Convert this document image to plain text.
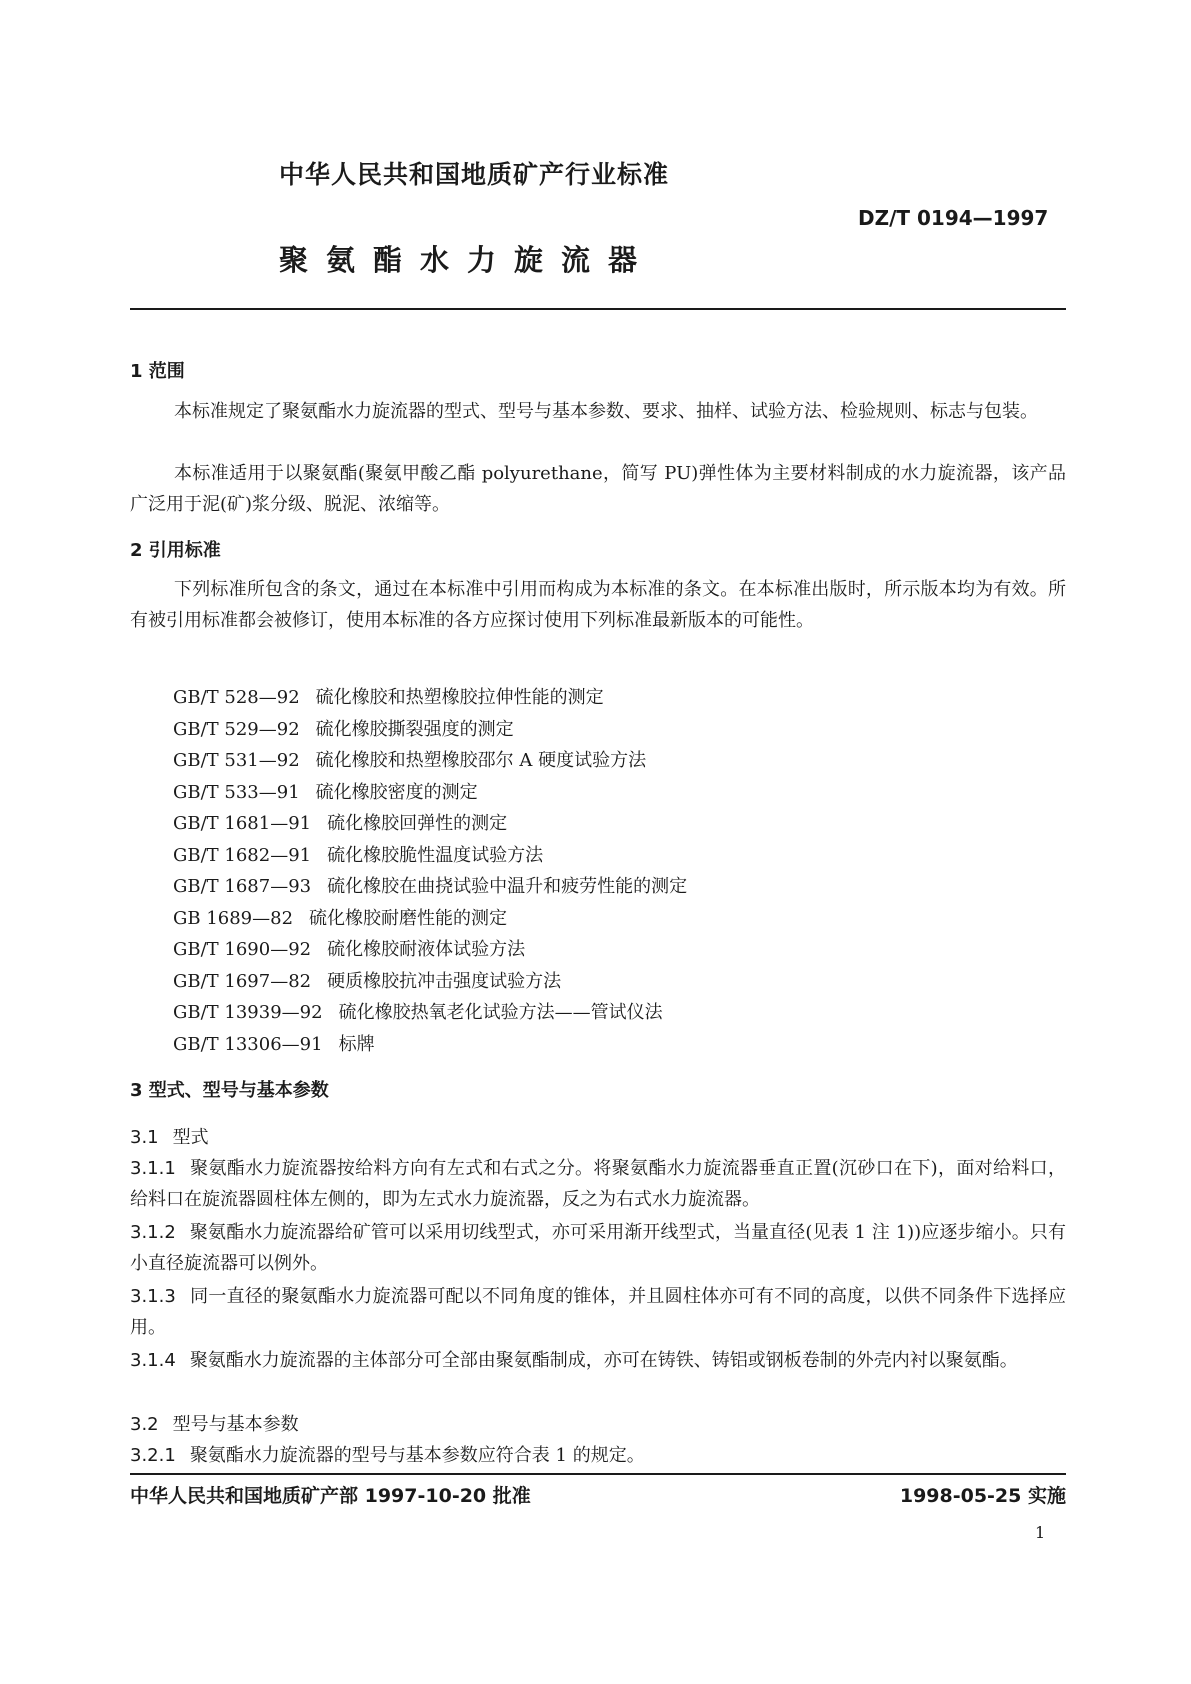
中华人民共和国地质矿产行业标准
DZ/T 0194—1997
聚氨酯水力旋流器
1 范围
本标准规定了聚氨酯水力旋流器的型式、型号与基本参数、要求、抽样、试验方法、检验规则、标志与包装。
本标准适用于以聚氨酯(聚氨甲酸乙酯 polyurethane，简写 PU)弹性体为主要材料制成的水力旋流器，该产品广泛用于泥(矿)浆分级、脱泥、浓缩等。
2 引用标准
下列标准所包含的条文，通过在本标准中引用而构成为本标准的条文。在本标准出版时，所示版本均为有效。所有被引用标准都会被修订，使用本标准的各方应探讨使用下列标准最新版本的可能性。
GB/T 528—92 硫化橡胶和热塑橡胶拉伸性能的测定
GB/T 529—92 硫化橡胶撕裂强度的测定
GB/T 531—92 硫化橡胶和热塑橡胶邵尔 A 硬度试验方法
GB/T 533—91 硫化橡胶密度的测定
GB/T 1681—91 硫化橡胶回弹性的测定
GB/T 1682—91 硫化橡胶脆性温度试验方法
GB/T 1687—93 硫化橡胶在曲挠试验中温升和疲劳性能的测定
GB 1689—82 硫化橡胶耐磨性能的测定
GB/T 1690—92 硫化橡胶耐液体试验方法
GB/T 1697—82 硬质橡胶抗冲击强度试验方法
GB/T 13939—92 硫化橡胶热氧老化试验方法——管试仪法
GB/T 13306—91 标牌
3 型式、型号与基本参数
3.1 型式
3.1.1 聚氨酯水力旋流器按给料方向有左式和右式之分。将聚氨酯水力旋流器垂直正置(沉砂口在下)，面对给料口，给料口在旋流器圆柱体左侧的，即为左式水力旋流器，反之为右式水力旋流器。
3.1.2 聚氨酯水力旋流器给矿管可以采用切线型式，亦可采用渐开线型式，当量直径(见表 1 注 1))应逐步缩小。只有小直径旋流器可以例外。
3.1.3 同一直径的聚氨酯水力旋流器可配以不同角度的锥体，并且圆柱体亦可有不同的高度，以供不同条件下选择应用。
3.1.4 聚氨酯水力旋流器的主体部分可全部由聚氨酯制成，亦可在铸铁、铸铝或钢板卷制的外壳内衬以聚氨酯。
3.2 型号与基本参数
3.2.1 聚氨酯水力旋流器的型号与基本参数应符合表 1 的规定。
中华人民共和国地质矿产部 1997-10-20 批准	1998-05-25 实施
1
